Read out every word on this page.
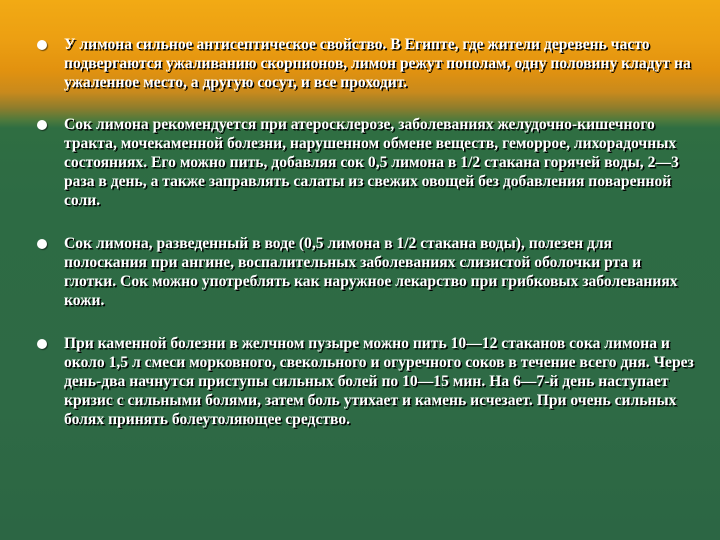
У лимона сильное антисептическое свойство. В Египте, где жители деревень часто подвергаются ужаливанию скорпионов, лимон режут пополам, одну половину кладут на ужаленное место, а другую сосут, и все проходит.
Сок лимона рекомендуется при атеросклерозе, заболеваниях желудочно-кишечного тракта, мочекаменной болезни, нарушенном обмене веществ, геморрое, лихорадочных состояниях. Его можно пить, добавляя сок 0,5 лимона в 1/2 стакана горячей воды, 2—3 раза в день, а также заправлять салаты из свежих овощей без добавления поваренной соли.
Сок лимона, разведенный в воде (0,5 лимона в 1/2 стакана воды), полезен для полоскания при ангине, воспалительных заболеваниях слизистой оболочки рта и глотки. Сок можно употреблять как наружное лекарство при грибковых заболеваниях кожи.
При каменной болезни в желчном пузыре можно пить 10—12 стаканов сока лимона и около 1,5 л смеси морковного, свекольного и огуречного соков в течение всего дня. Через день-два начнутся приступы сильных болей по 10—15 мин. На 6—7-й день наступает кризис с сильными болями, затем боль утихает и камень исчезает. При очень сильных болях принять болеутоляющее средство.
